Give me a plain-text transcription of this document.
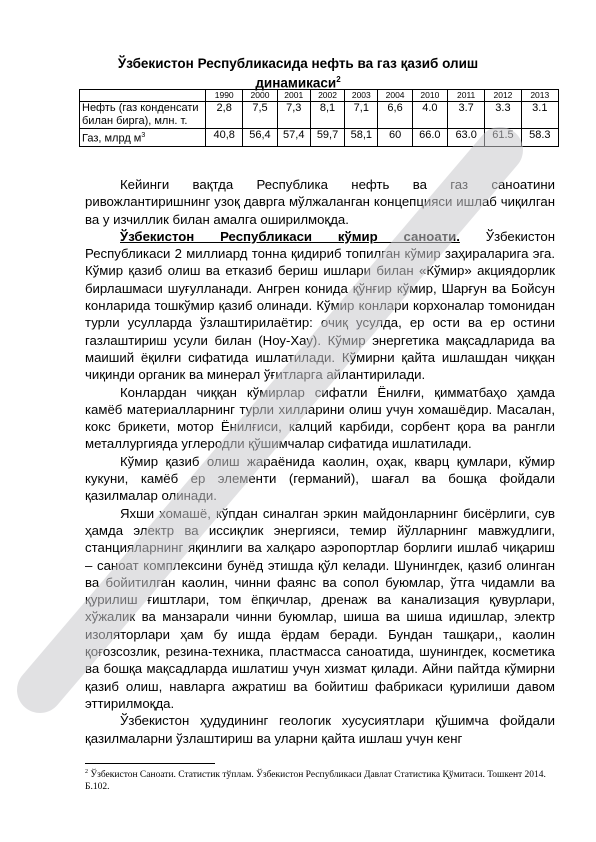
Ўзбекистон Республикасида нефть ва газ қазиб олиш
динамикаси$^2$
	1990	2000	2001	2002	2003	2004	2010	2011	2012	2013
Нефть (газ конденсати билан бирга), млн. т.	2,8	7,5	7,3	8,1	7,1	6,6	4.0	3.7	3.3	3.1
Газ, млрд $м^3$	40,8	56,4	57,4	59,7	58,1	60	66.0	63.0	61.5	58.3

Кейинги вақтда Республика нефть ва газ саноатини ривожлантиришнинг узоқ даврга мўлжаланган концепцияси ишлаб чиқилган ва у изчиллик билан амалга оширилмоқда.

Ўзбекистон Республикаси кўмир саноати. Ўзбекистон Республикаси 2 миллиард тонна қидириб топилган кўмир заҳираларига эга. Кўмир қазиб олиш ва етказиб бериш ишлари билан «Кўмир» акциядорлик бирлашмаси шуғулланади. Ангрен конида қўнғир кўмир, Шарғун ва Бойсун конларида тошкўмир қазиб олинади. Кўмир конлари корхоналар томонидан турли усулларда ўзлаштирилаётир: очиқ усулда, ер ости ва ер остини газлаштириш усули билан (Ноу-Хау). Кўмир энергетика мақсадларида ва маиший ёқилғи сифатида ишлатилади. Кўмирни қайта ишлашдан чиққан чиқинди органик ва минерал ўғитларга айлантирилади.

Конлардан чиққан кўмирлар сифатли Ёнилғи, қимматбаҳо ҳамда камёб материалларнинг турли хилларини олиш учун хомашёдир. Масалан, кокс брикети, мотор Ёнилғиси, калций карбиди, сорбент қора ва рангли металлургияда углеродли қўшимчалар сифатида ишлатилади.

Кўмир қазиб олиш жараёнида каолин, оҳак, кварц қумлари, кўмир кукуни, камёб ер элементи (германий), шағал ва бошқа фойдали қазилмалар олинади.

Яхши хомашё, кўпдан синалган эркин майдонларнинг бисёрлиги, сув ҳамда электр ва иссиқлик энергияси, темир йўлларнинг мавжудлиги, станцияларнинг яқинлиги ва халқаро аэропортлар борлиги ишлаб чиқариш – саноат комплексини бунёд этишда қўл келади. Шунингдек, қазиб олинган ва бойитилган каолин, чинни фаянс ва сопол буюмлар, ўтга чидамли ва қурилиш ғиштлари, том ёпқичлар, дренаж ва канализация қувурлари, хўжалик ва манзарали чинни буюмлар, шиша ва шиша идишлар, электр изоляторлари ҳам бу ишда ёрдам беради. Бундан ташқари,, каолин қоғозсозлик, резина-техника, пластмасса саноатида, шунингдек, косметика ва бошқа мақсадларда ишлатиш учун хизмат қилади. Айни пайтда кўмирни қазиб олиш, навларга ажратиш ва бойитиш фабрикаси қурилиши давом эттирилмоқда.

Ўзбекистон ҳудудининг геологик хусусиятлари қўшимча фойдали қазилмаларни ўзлаштириш ва уларни қайта ишлаш учун кенг

$^2$ Ўзбекистон Саноати. Статистик тўплам. Ўзбекистон Республикаси Давлат Статистика Қўмитаси. Тошкент 2014. Б.102.
